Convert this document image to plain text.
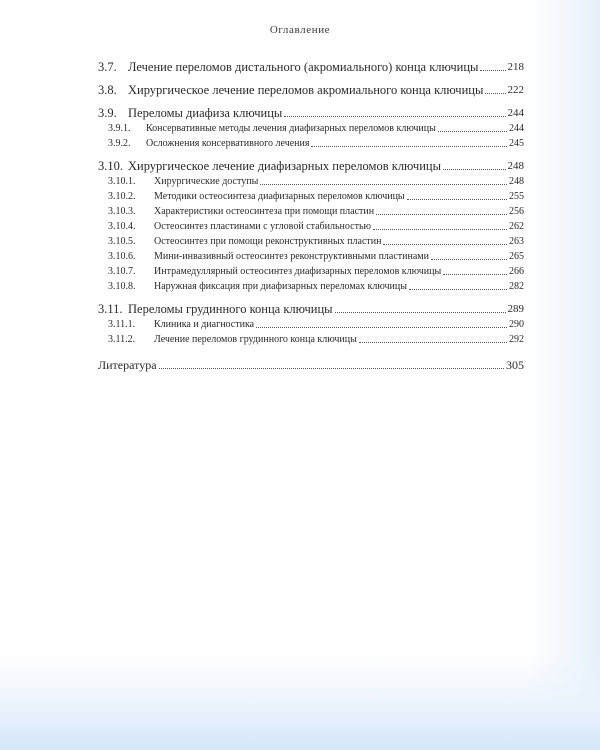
Оглавление
3.7. Лечение переломов дистального (акромиального) конца ключицы	218
3.8. Хирургическое лечение переломов акромиального конца ключицы 222
3.9. Переломы диафиза ключицы	244
3.9.1.	Консервативные методы лечения диафизарных переломов ключицы	244
3.9.2.	Осложнения консервативного лечения	245
3.10. Хирургическое лечение диафизарных переломов ключицы	248
3.10.1.	Хирургические доступы	248
3.10.2.	Методики остеосинтеза диафизарных переломов ключицы	255
3.10.3.	Характеристики остеосинтеза при помощи пластин	256
3.10.4.	Остеосинтез пластинами с угловой стабильностью	262
3.10.5.	Остеосинтез при помощи реконструктивных пластин	263
3.10.6.	Мини-инвазивный остеосинтез реконструктивными пластинами	265
3.10.7.	Интрамедуллярный остеосинтез диафизарных переломов ключицы	266
3.10.8.	Наружная фиксация при диафизарных переломах ключицы	282
3.11. Переломы грудинного конца ключицы	289
3.11.1.	Клиника и диагностика	290
3.11.2.	Лечение переломов грудинного конца ключицы	292
Литература	305
